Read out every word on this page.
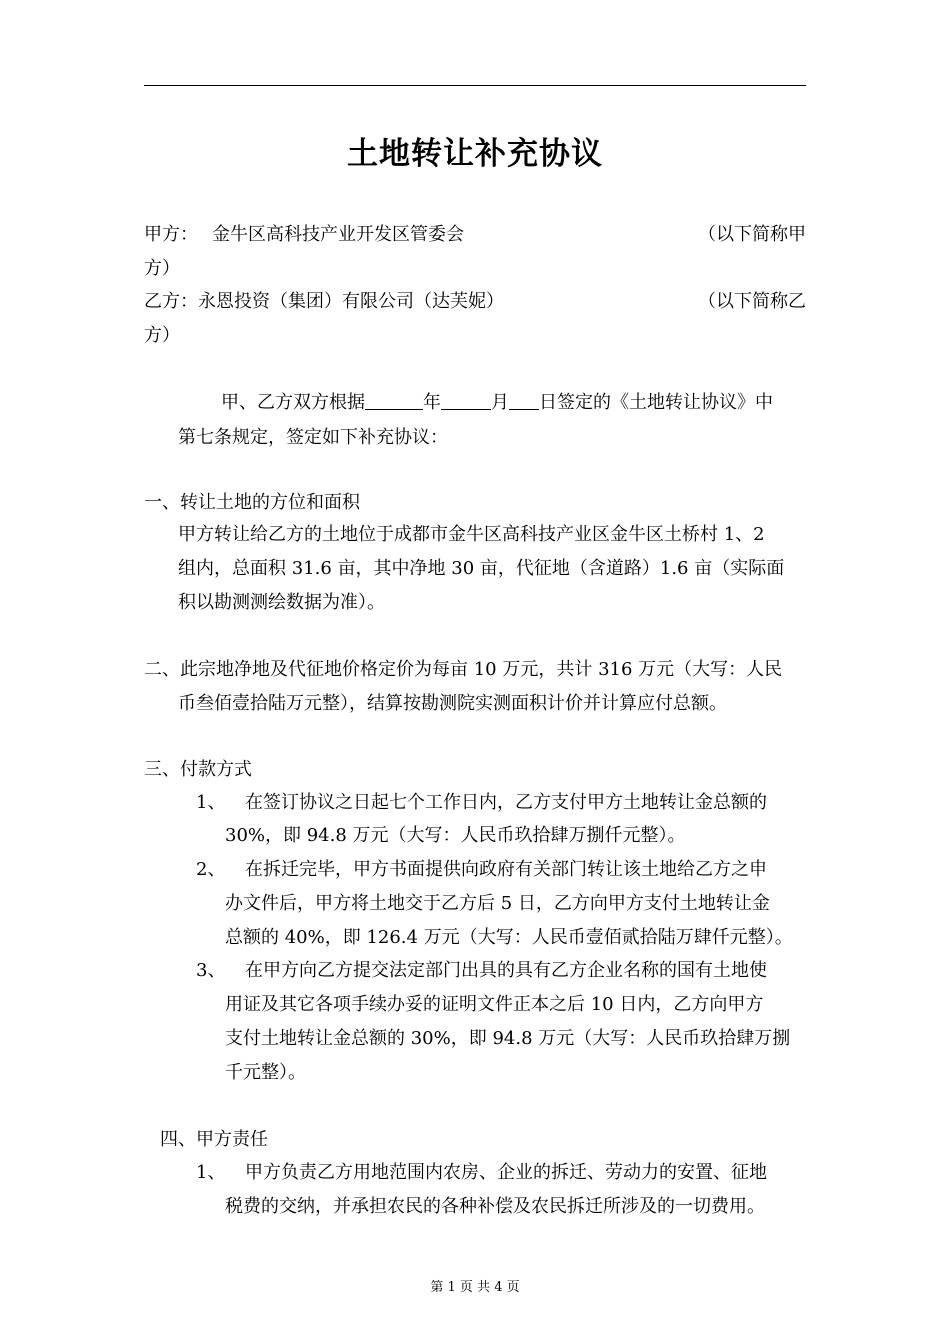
土地转让补充协议
甲方： 金牛区高科技产业开发区管委会	（以下简称甲
方）
乙方：永恩投资（集团）有限公司（达芙妮）	（以下简称乙
方）
甲、乙方双方根据	年	月 日签定的《土地转让协议》中
第七条规定，签定如下补充协议：
一、转让土地的方位和面积
甲方转让给乙方的土地位于成都市金牛区高科技产业区金牛区土桥村 1、2
组内，总面积 31.6 亩，其中净地 30 亩，代征地（含道路）1.6 亩（实际面
积以勘测测绘数据为准）。
二、此宗地净地及代征地价格定价为每亩 10 万元，共计 316 万元（大写：人民
币叁佰壹拾陆万元整），结算按勘测院实测面积计价并计算应付总额。
三、付款方式
1、 在签订协议之日起七个工作日内，乙方支付甲方土地转让金总额的
30%，即 94.8 万元（大写：人民币玖拾肆万捌仟元整）。
2、 在拆迁完毕，甲方书面提供向政府有关部门转让该土地给乙方之申
办文件后，甲方将土地交于乙方后 5 日，乙方向甲方支付土地转让金
总额的 40%，即 126.4 万元（大写：人民币壹佰贰拾陆万肆仟元整）。
3、 在甲方向乙方提交法定部门出具的具有乙方企业名称的国有土地使
用证及其它各项手续办妥的证明文件正本之后 10 日内，乙方向甲方
支付土地转让金总额的 30%，即 94.8 万元（大写：人民币玖拾肆万捌
千元整）。
四、甲方责任
1、 甲方负责乙方用地范围内农房、企业的拆迁、劳动力的安置、征地
税费的交纳，并承担农民的各种补偿及农民拆迁所涉及的一切费用。
第 1 页 共 4 页
